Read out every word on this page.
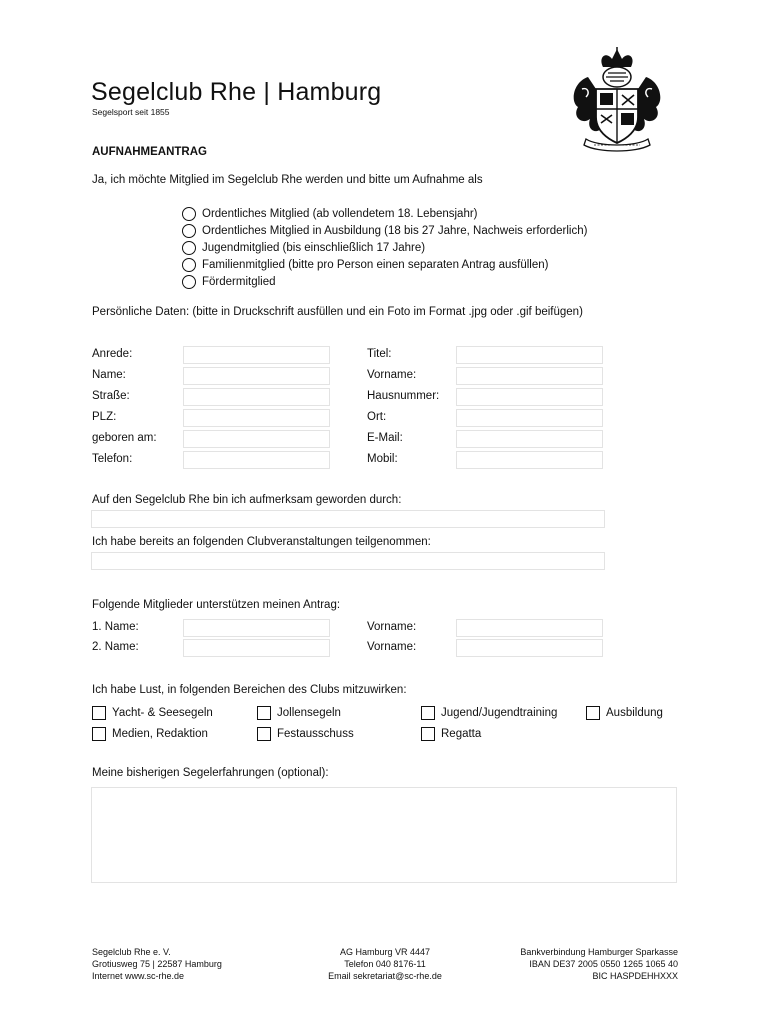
Segelclub Rhe | Hamburg
Segelsport seit 1855
AUFNAHMEANTRAG
Ja, ich möchte Mitglied im Segelclub Rhe werden und bitte um Aufnahme als
Ordentliches Mitglied (ab vollendetem 18. Lebensjahr)
Ordentliches Mitglied in Ausbildung (18 bis 27 Jahre, Nachweis erforderlich)
Jugendmitglied (bis einschließlich 17 Jahre)
Familienmitglied (bitte pro Person einen separaten Antrag ausfüllen)
Fördermitglied
Persönliche Daten: (bitte in Druckschrift ausfüllen und ein Foto im Format .jpg oder .gif beifügen)
Anrede:	Titel:
Name:	Vorname:
Straße:	Hausnummer:
PLZ:	Ort:
geboren am:	E-Mail:
Telefon:	Mobil:
Auf den Segelclub Rhe bin ich aufmerksam geworden durch:
Ich habe bereits an folgenden Clubveranstaltungen teilgenommen:
Folgende Mitglieder unterstützen meinen Antrag:
1. Name:	Vorname:
2. Name:	Vorname:
Ich habe Lust, in folgenden Bereichen des Clubs mitzuwirken:
Yacht- & Seesegeln	Jollensegeln	Jugend/Jugendtraining	Ausbildung
Medien, Redaktion	Festausschuss	Regatta
Meine bisherigen Segelerfahrungen (optional):
Segelclub Rhe e. V.
Grotiusweg 75 | 22587 Hamburg
Internet www.sc-rhe.de
AG Hamburg VR 4447
Telefon 040 8176-11
Email sekretariat@sc-rhe.de
Bankverbindung Hamburger Sparkasse
IBAN DE37 2005 0550 1265 1065 40
BIC HASPDEHHXXX
